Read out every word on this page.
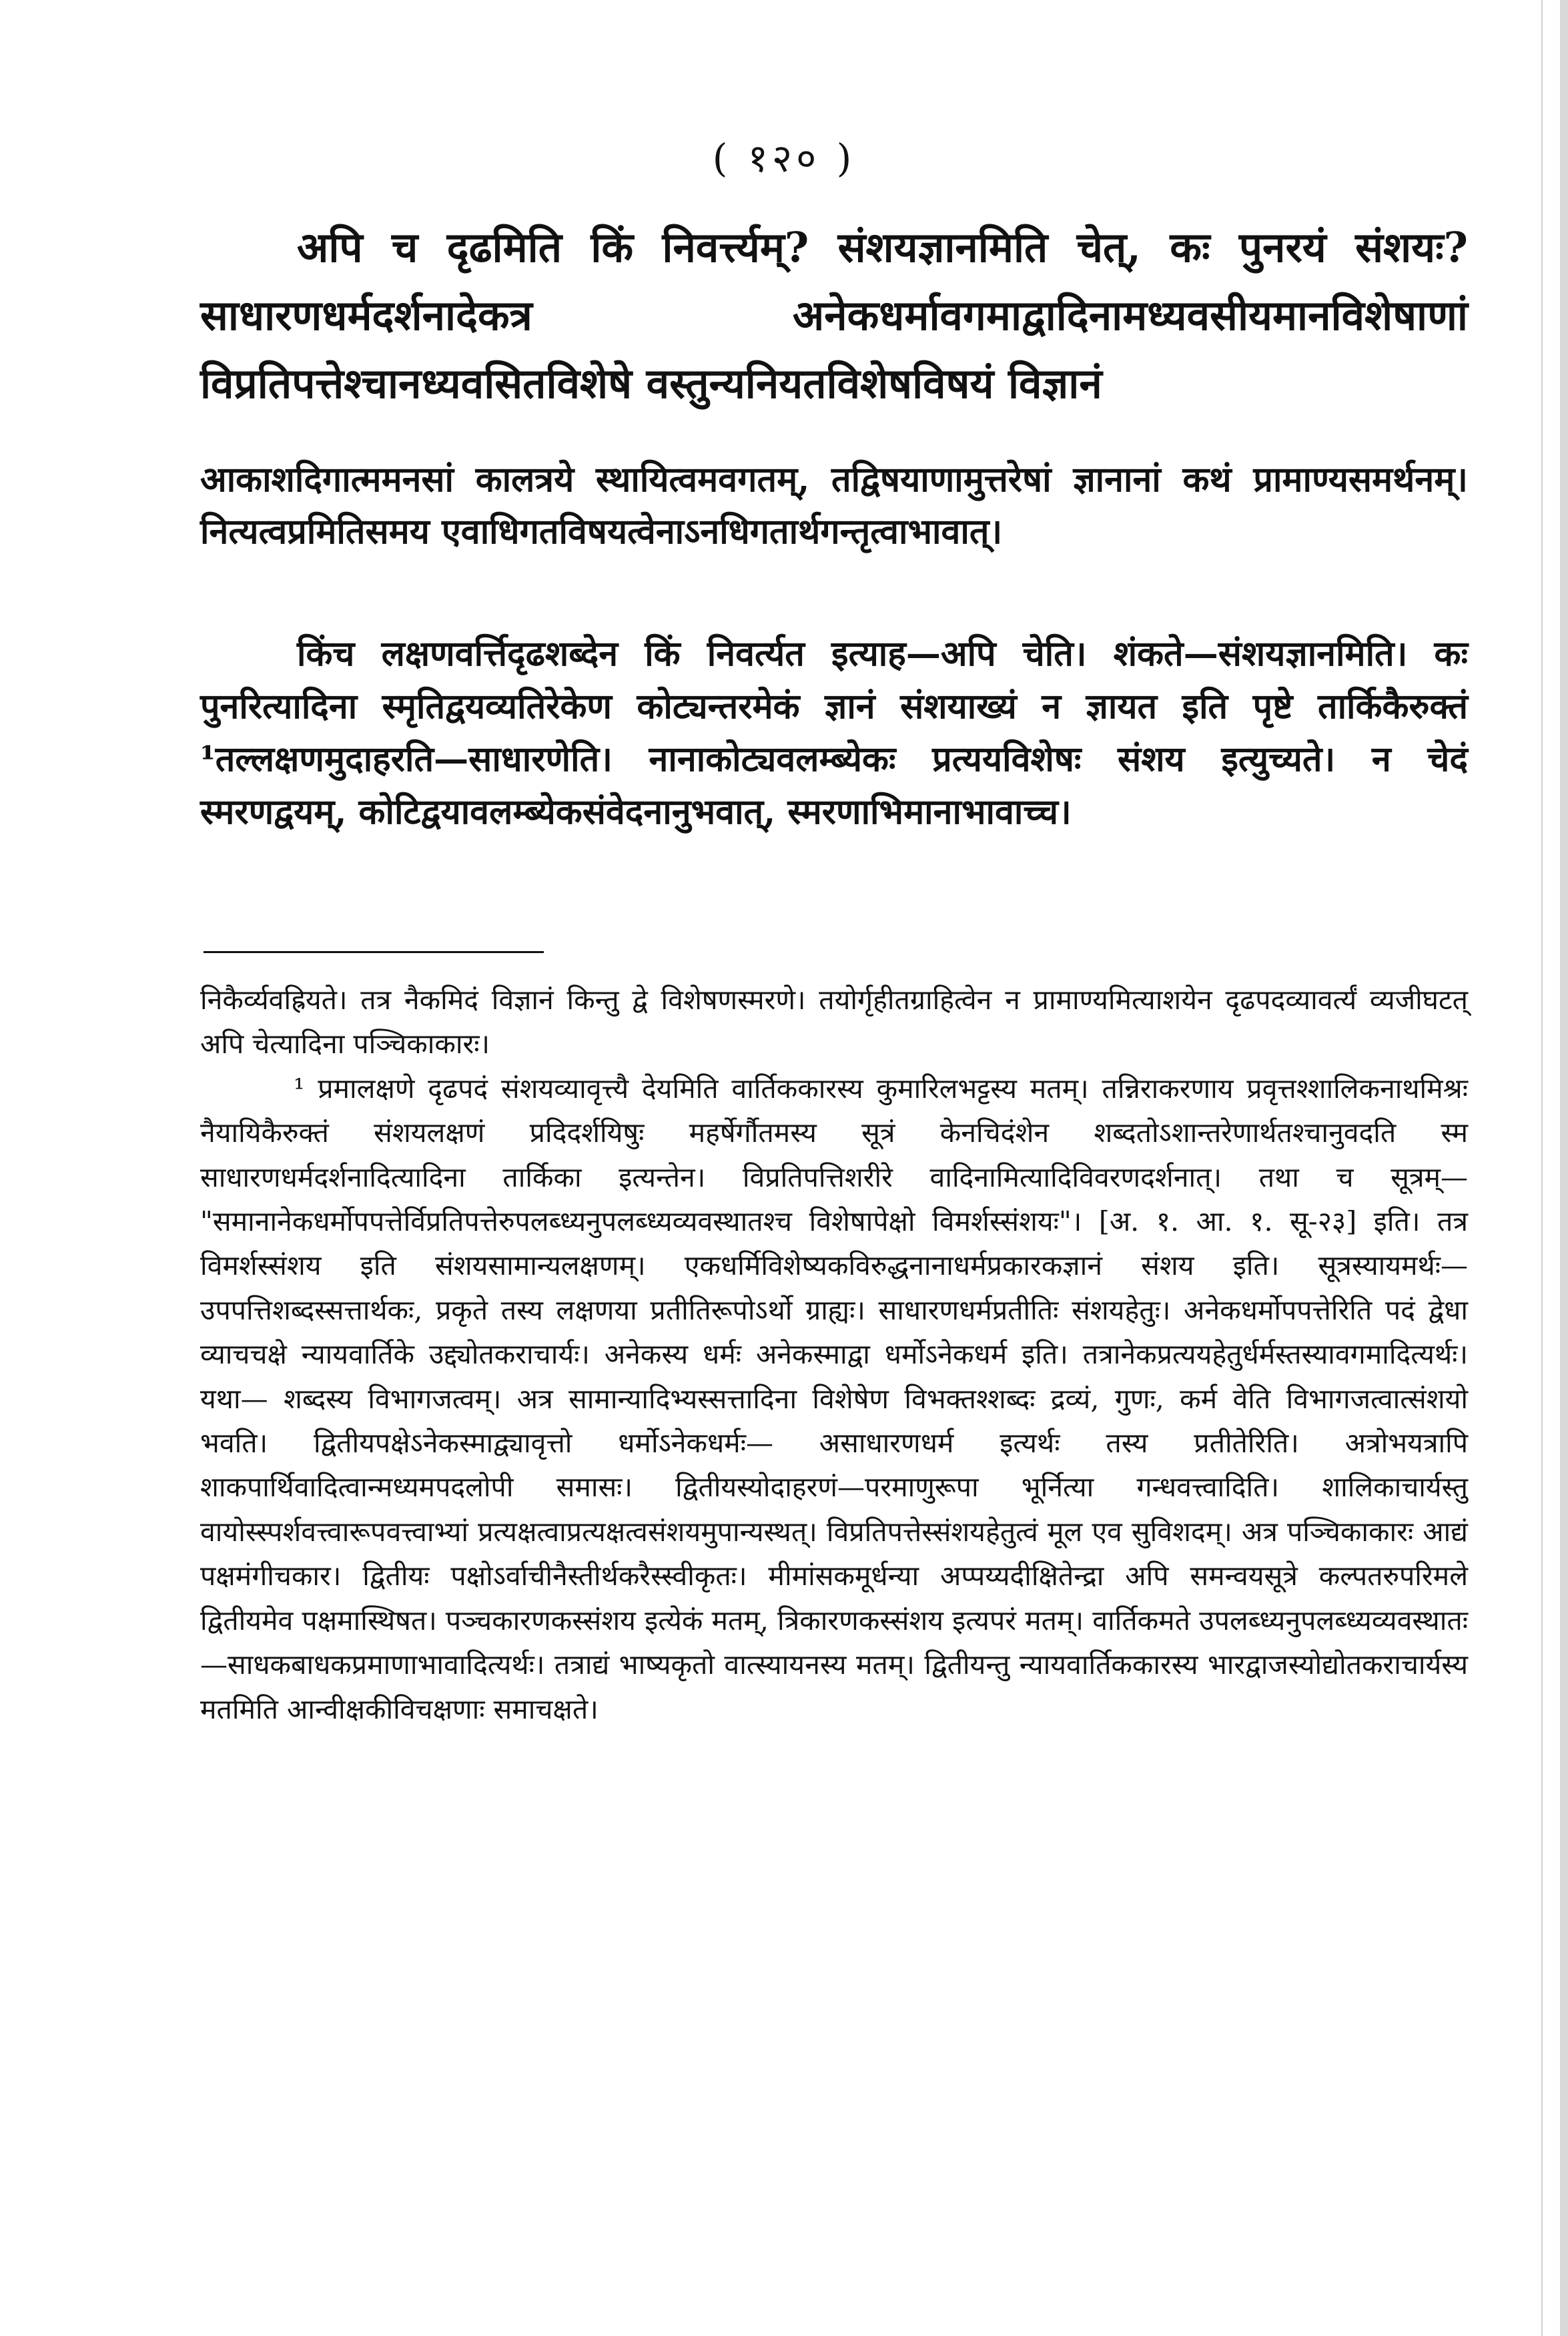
( १२० )

अपि च दृढमिति किं निवर्त्त्यम्? संशयज्ञानमिति चेत्, कः पुनरयं संशयः? साधारणधर्मदर्शनादेकत्र अनेकधर्मावगमाद्वादिनामध्यवसीयमानविशेषाणां विप्रतिपत्तेश्चानध्यवसितविशेषे वस्तुन्यनियतविशेषविषयं विज्ञानं

आकाशदिगात्ममनसां कालत्रये स्थायित्वमवगतम्, तद्विषयाणामुत्तरेषां ज्ञानानां कथं प्रामाण्यसमर्थनम्। नित्यत्वप्रमितिसमय एवाधिगतविषयत्वेनाऽनधिगतार्थगन्तृत्वाभावात्।

किंच लक्षणवर्त्तिदृढशब्देन किं निवर्त्यत इत्याह—अपि चेति। शंकते—संशयज्ञानमिति। कः पुनरित्यादिना स्मृतिद्वयव्यतिरेकेण कोट्यन्तरमेकं ज्ञानं संशयाख्यं न ज्ञायत इति पृष्टे तार्किकैरुक्तं ¹तल्लक्षणमुदाहरति—साधारणेति। नानाकोट्यवलम्ब्येकः प्रत्ययविशेषः संशय इत्युच्यते। न चेदं स्मरणद्वयम्, कोटिद्वयावलम्ब्येकसंवेदनानुभवात्, स्मरणाभिमानाभावाच्च।

निकैर्व्यवह्रियते। तत्र नैकमिदं विज्ञानं किन्तु द्वे विशेषणस्मरणे। तयोर्गृहीतग्राहित्वेन न प्रामाण्यमित्याशयेन दृढपदव्यावर्त्यं व्यजीघटत् अपि चेत्यादिना पञ्चिकाकारः।

¹ प्रमालक्षणे दृढपदं संशयव्यावृत्त्यै देयमिति वार्तिककारस्य कुमारिलभट्टस्य मतम्। तन्निराकरणाय प्रवृत्तश्शालिकनाथमिश्रः नैयायिकैरुक्तं संशयलक्षणं प्रदिदर्शयिषुः महर्षेर्गौतमस्य सूत्रं केनचिदंशेन शब्दतोऽशान्तरेणार्थतश्चानुवदति स्म साधारणधर्मदर्शनादित्यादिना तार्किका इत्यन्तेन। विप्रतिपत्तिशरीरे वादिनामित्यादिविवरणदर्शनात्। तथा च सूत्रम्— "समानानेकधर्मोपपत्तेर्विप्रतिपत्तेरुपलब्ध्यनुपलब्ध्यव्यवस्थातश्च विशेषापेक्षो विमर्शस्संशयः"। [अ. १. आ. १. सू-२३] इति। तत्र विमर्शस्संशय इति संशयसामान्यलक्षणम्। एकधर्मिविशेष्यकविरुद्धनानाधर्मप्रकारकज्ञानं संशय इति। सूत्रस्यायमर्थः—उपपत्तिशब्दस्सत्तार्थकः, प्रकृते तस्य लक्षणया प्रतीतिरूपोऽर्थो ग्राह्यः। साधारणधर्मप्रतीतिः संशयहेतुः। अनेकधर्मोपपत्तेरिति पदं द्वेधा व्याचचक्षे न्यायवार्तिके उद्द्योतकराचार्यः। अनेकस्य धर्मः अनेकस्माद्वा धर्मोऽनेकधर्म इति। तत्रानेकप्रत्ययहेतुर्धर्मस्तस्यावगमादित्यर्थः। यथा— शब्दस्य विभागजत्वम्। अत्र सामान्यादिभ्यस्सत्तादिना विशेषेण विभक्तश्शब्दः द्रव्यं, गुणः, कर्म वेति विभागजत्वात्संशयो भवति। द्वितीयपक्षेऽनेकस्माद्व्यावृत्तो धर्मोऽनेकधर्मः— असाधारणधर्म इत्यर्थः तस्य प्रतीतेरिति। अत्रोभयत्रापि शाकपार्थिवादित्वान्मध्यमपदलोपी समासः। द्वितीयस्योदाहरणं—परमाणुरूपा भूर्नित्या गन्धवत्त्वादिति। शालिकाचार्यस्तु वायोस्स्पर्शवत्त्वारूपवत्त्वाभ्यां प्रत्यक्षत्वाप्रत्यक्षत्वसंशयमुपान्यस्थत्। विप्रतिपत्तेस्संशयहेतुत्वं मूल एव सुविशदम्। अत्र पञ्चिकाकारः आद्यं पक्षमंगीचकार। द्वितीयः पक्षोऽर्वाचीनैस्तीर्थकरैस्स्वीकृतः। मीमांसकमूर्धन्या अप्पय्यदीक्षितेन्द्रा अपि समन्वयसूत्रे कल्पतरुपरिमले द्वितीयमेव पक्षमास्थिषत। पञ्चकारणकस्संशय इत्येकं मतम्, त्रिकारणकस्संशय इत्यपरं मतम्। वार्तिकमते उपलब्ध्यनुपलब्ध्यव्यवस्थातः—साधकबाधकप्रमाणाभावादित्यर्थः। तत्राद्यं भाष्यकृतो वात्स्यायनस्य मतम्। द्वितीयन्तु न्यायवार्तिककारस्य भारद्वाजस्योद्योतकराचार्यस्य मतमिति आन्वीक्षकीविचक्षणाः समाचक्षते।
